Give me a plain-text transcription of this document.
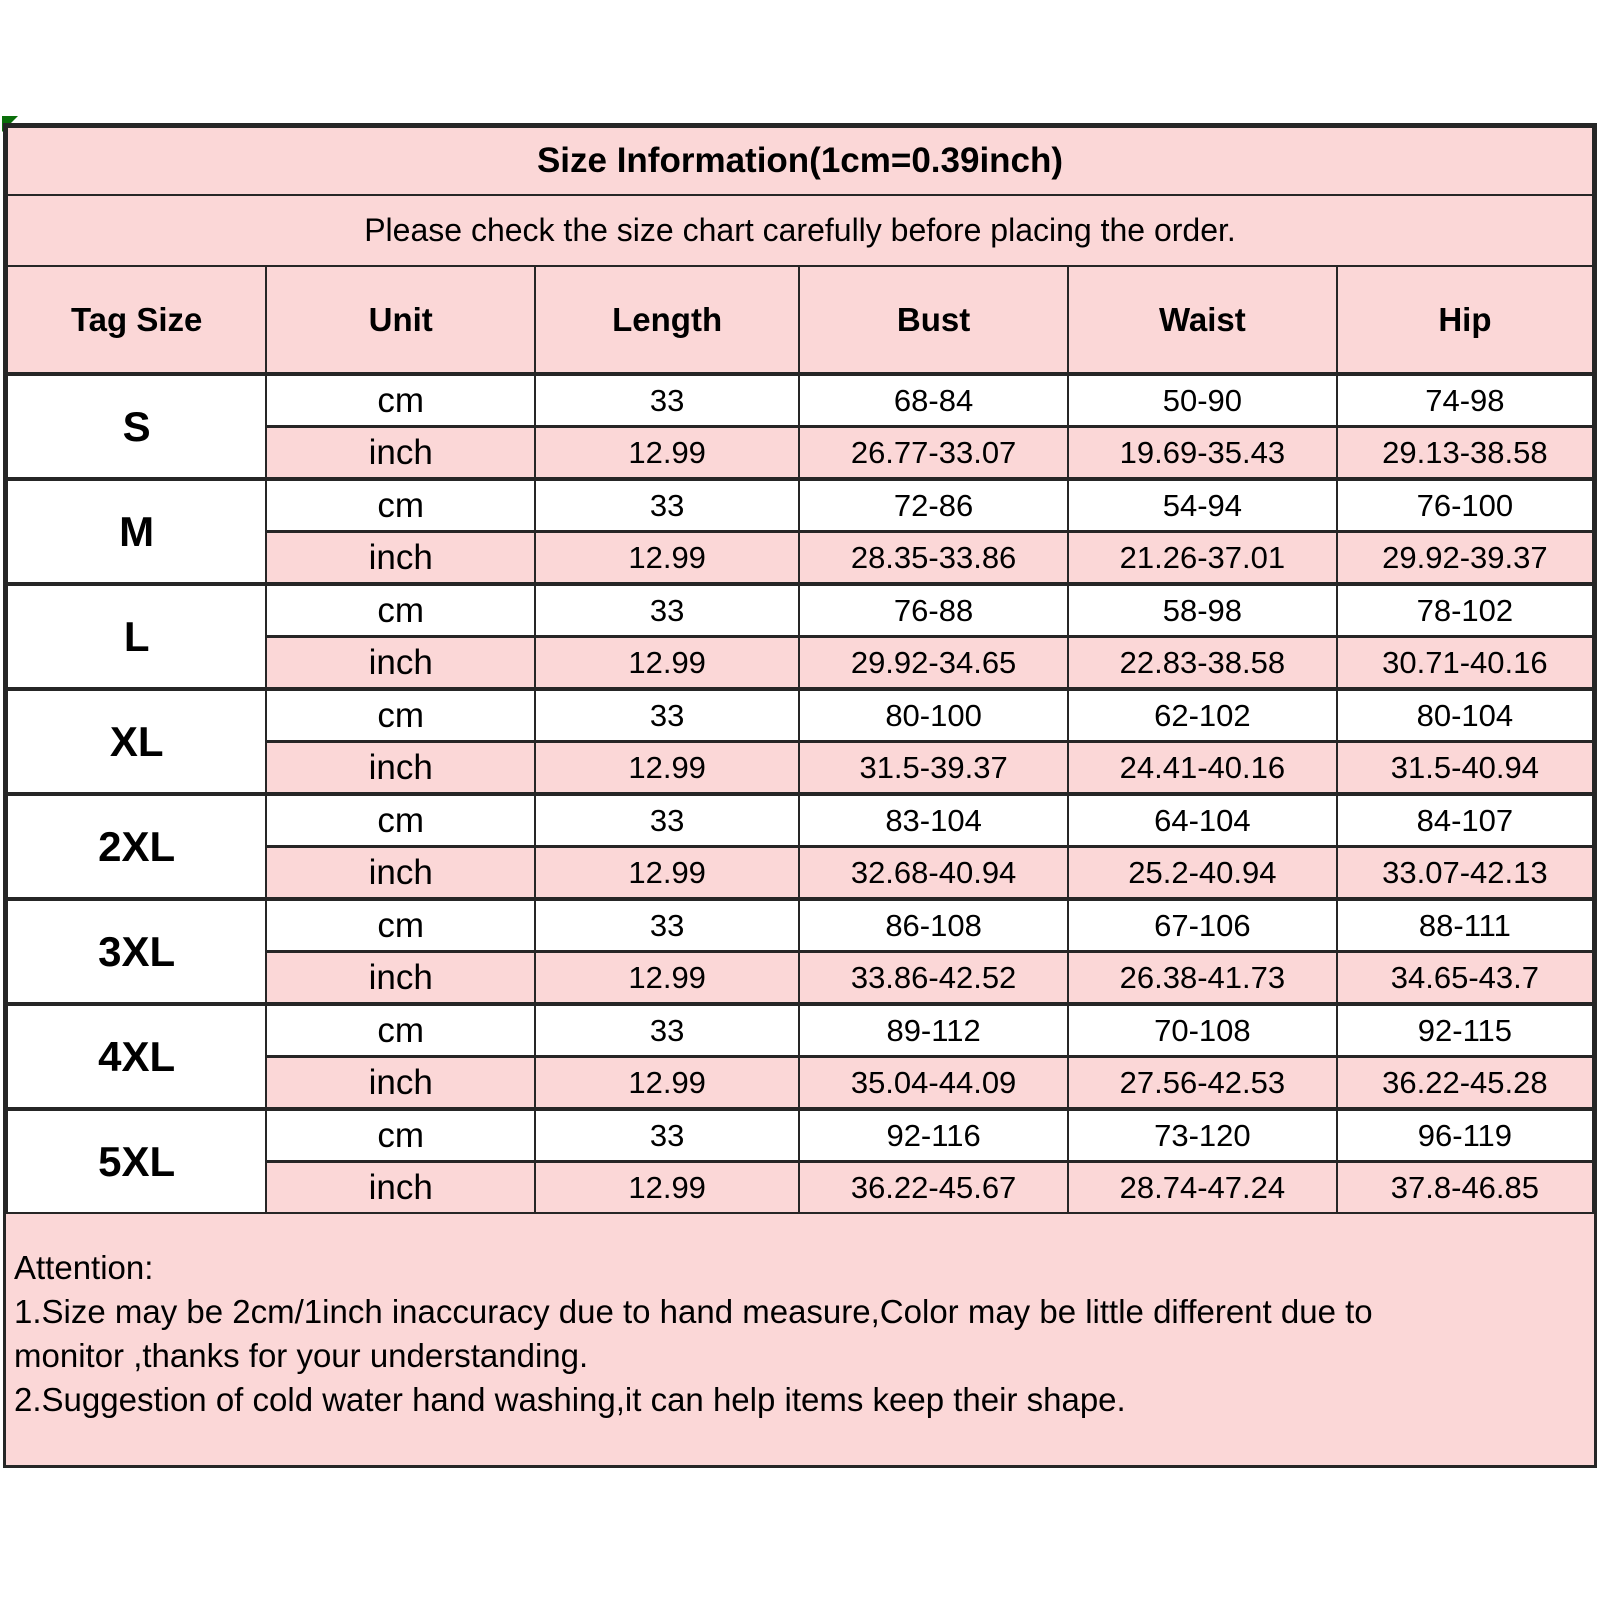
Size Information(1cm=0.39inch)					
Please check the size chart carefully before placing the order.					
Tag Size	Unit	Length	Bust	Waist	Hip
S	cm	33	68-84	50-90	74-98
	inch	12.99	26.77-33.07	19.69-35.43	29.13-38.58
M	cm	33	72-86	54-94	76-100
	inch	12.99	28.35-33.86	21.26-37.01	29.92-39.37
L	cm	33	76-88	58-98	78-102
	inch	12.99	29.92-34.65	22.83-38.58	30.71-40.16
XL	cm	33	80-100	62-102	80-104
	inch	12.99	31.5-39.37	24.41-40.16	31.5-40.94
2XL	cm	33	83-104	64-104	84-107
	inch	12.99	32.68-40.94	25.2-40.94	33.07-42.13
3XL	cm	33	86-108	67-106	88-111
	inch	12.99	33.86-42.52	26.38-41.73	34.65-43.7
4XL	cm	33	89-112	70-108	92-115
	inch	12.99	35.04-44.09	27.56-42.53	36.22-45.28
5XL	cm	33	92-116	73-120	96-119
	inch	12.99	36.22-45.67	28.74-47.24	37.8-46.85
Attention:
1.Size may be 2cm/1inch inaccuracy due to hand measure,Color may be little different due to
monitor ,thanks for your understanding.
2.Suggestion of cold water hand washing,it can help items keep their shape.
